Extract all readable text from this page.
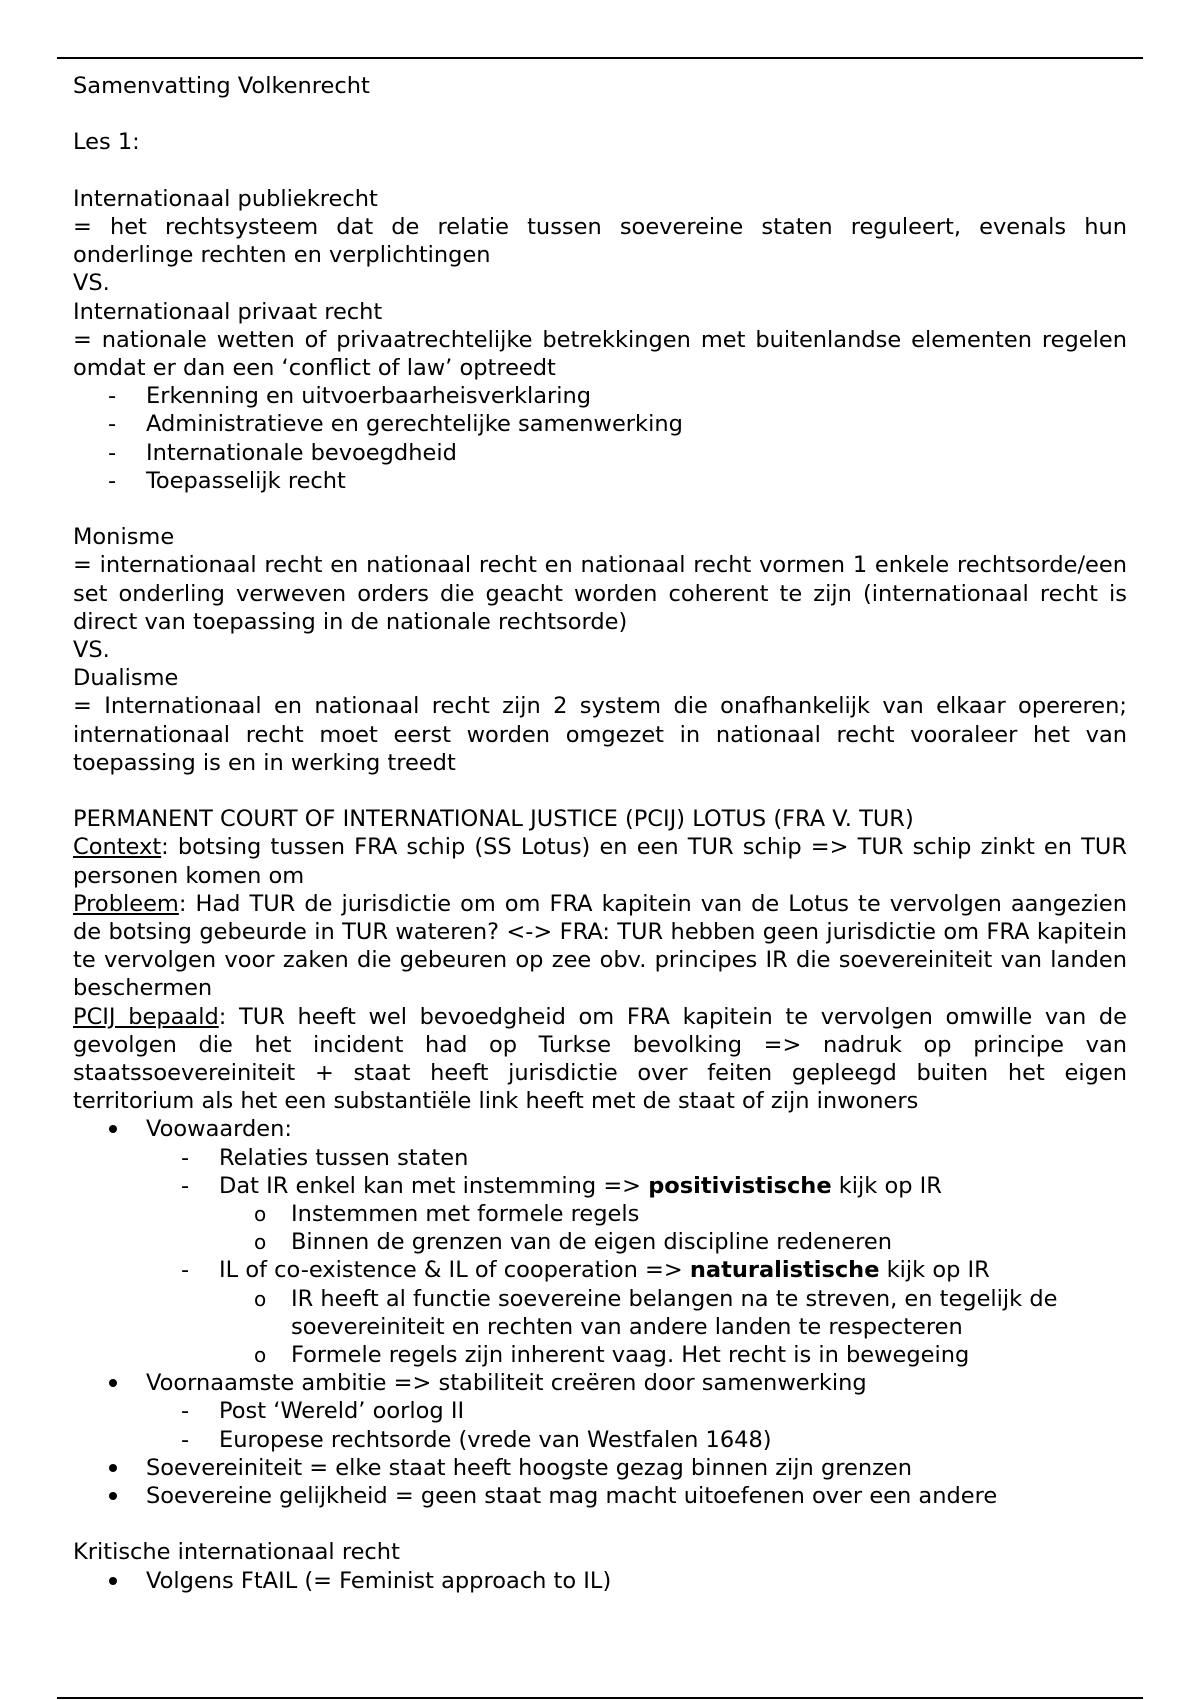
Samenvatting Volkenrecht
Les 1:
Internationaal publiekrecht
= het rechtsysteem dat de relatie tussen soevereine staten reguleert, evenals hun onderlinge rechten en verplichtingen
VS.
Internationaal privaat recht
= nationale wetten of privaatrechtelijke betrekkingen met buitenlandse elementen regelen omdat er dan een ‘conflict of law’ optreedt
- Erkenning en uitvoerbaarheisverklaring
- Administratieve en gerechtelijke samenwerking
- Internationale bevoegdheid
- Toepasselijk recht
Monisme
= internationaal recht en nationaal recht en nationaal recht vormen 1 enkele rechtsorde/een set onderling verweven orders die geacht worden coherent te zijn (internationaal recht is direct van toepassing in de nationale rechtsorde)
VS.
Dualisme
= Internationaal en nationaal recht zijn 2 system die onafhankelijk van elkaar opereren; internationaal recht moet eerst worden omgezet in nationaal recht vooraleer het van toepassing is en in werking treedt
PERMANENT COURT OF INTERNATIONAL JUSTICE (PCIJ) LOTUS (FRA V. TUR)
Context: botsing tussen FRA schip (SS Lotus) en een TUR schip => TUR schip zinkt en TUR personen komen om
Probleem: Had TUR de jurisdictie om om FRA kapitein van de Lotus te vervolgen aangezien de botsing gebeurde in TUR wateren? <-> FRA: TUR hebben geen jurisdictie om FRA kapitein te vervolgen voor zaken die gebeuren op zee obv. principes IR die soevereiniteit van landen beschermen
PCIJ bepaald: TUR heeft wel bevoedgheid om FRA kapitein te vervolgen omwille van de gevolgen die het incident had op Turkse bevolking => nadruk op principe van staatssoevereiniteit + staat heeft jurisdictie over feiten gepleegd buiten het eigen territorium als het een substantiële link heeft met de staat of zijn inwoners
Voowaarden:
- Relaties tussen staten
- Dat IR enkel kan met instemming => positivistische kijk op IR
o Instemmen met formele regels
o Binnen de grenzen van de eigen discipline redeneren
- IL of co-existence & IL of cooperation => naturalistische kijk op IR
o IR heeft al functie soevereine belangen na te streven, en tegelijk de soevereiniteit en rechten van andere landen te respecteren
o Formele regels zijn inherent vaag. Het recht is in bewegeing
Voornaamste ambitie => stabiliteit creëren door samenwerking
- Post ‘Wereld’ oorlog II
- Europese rechtsorde (vrede van Westfalen 1648)
Soevereiniteit = elke staat heeft hoogste gezag binnen zijn grenzen
Soevereine gelijkheid = geen staat mag macht uitoefenen over een andere
Kritische internationaal recht
Volgens FtAIL (= Feminist approach to IL)
